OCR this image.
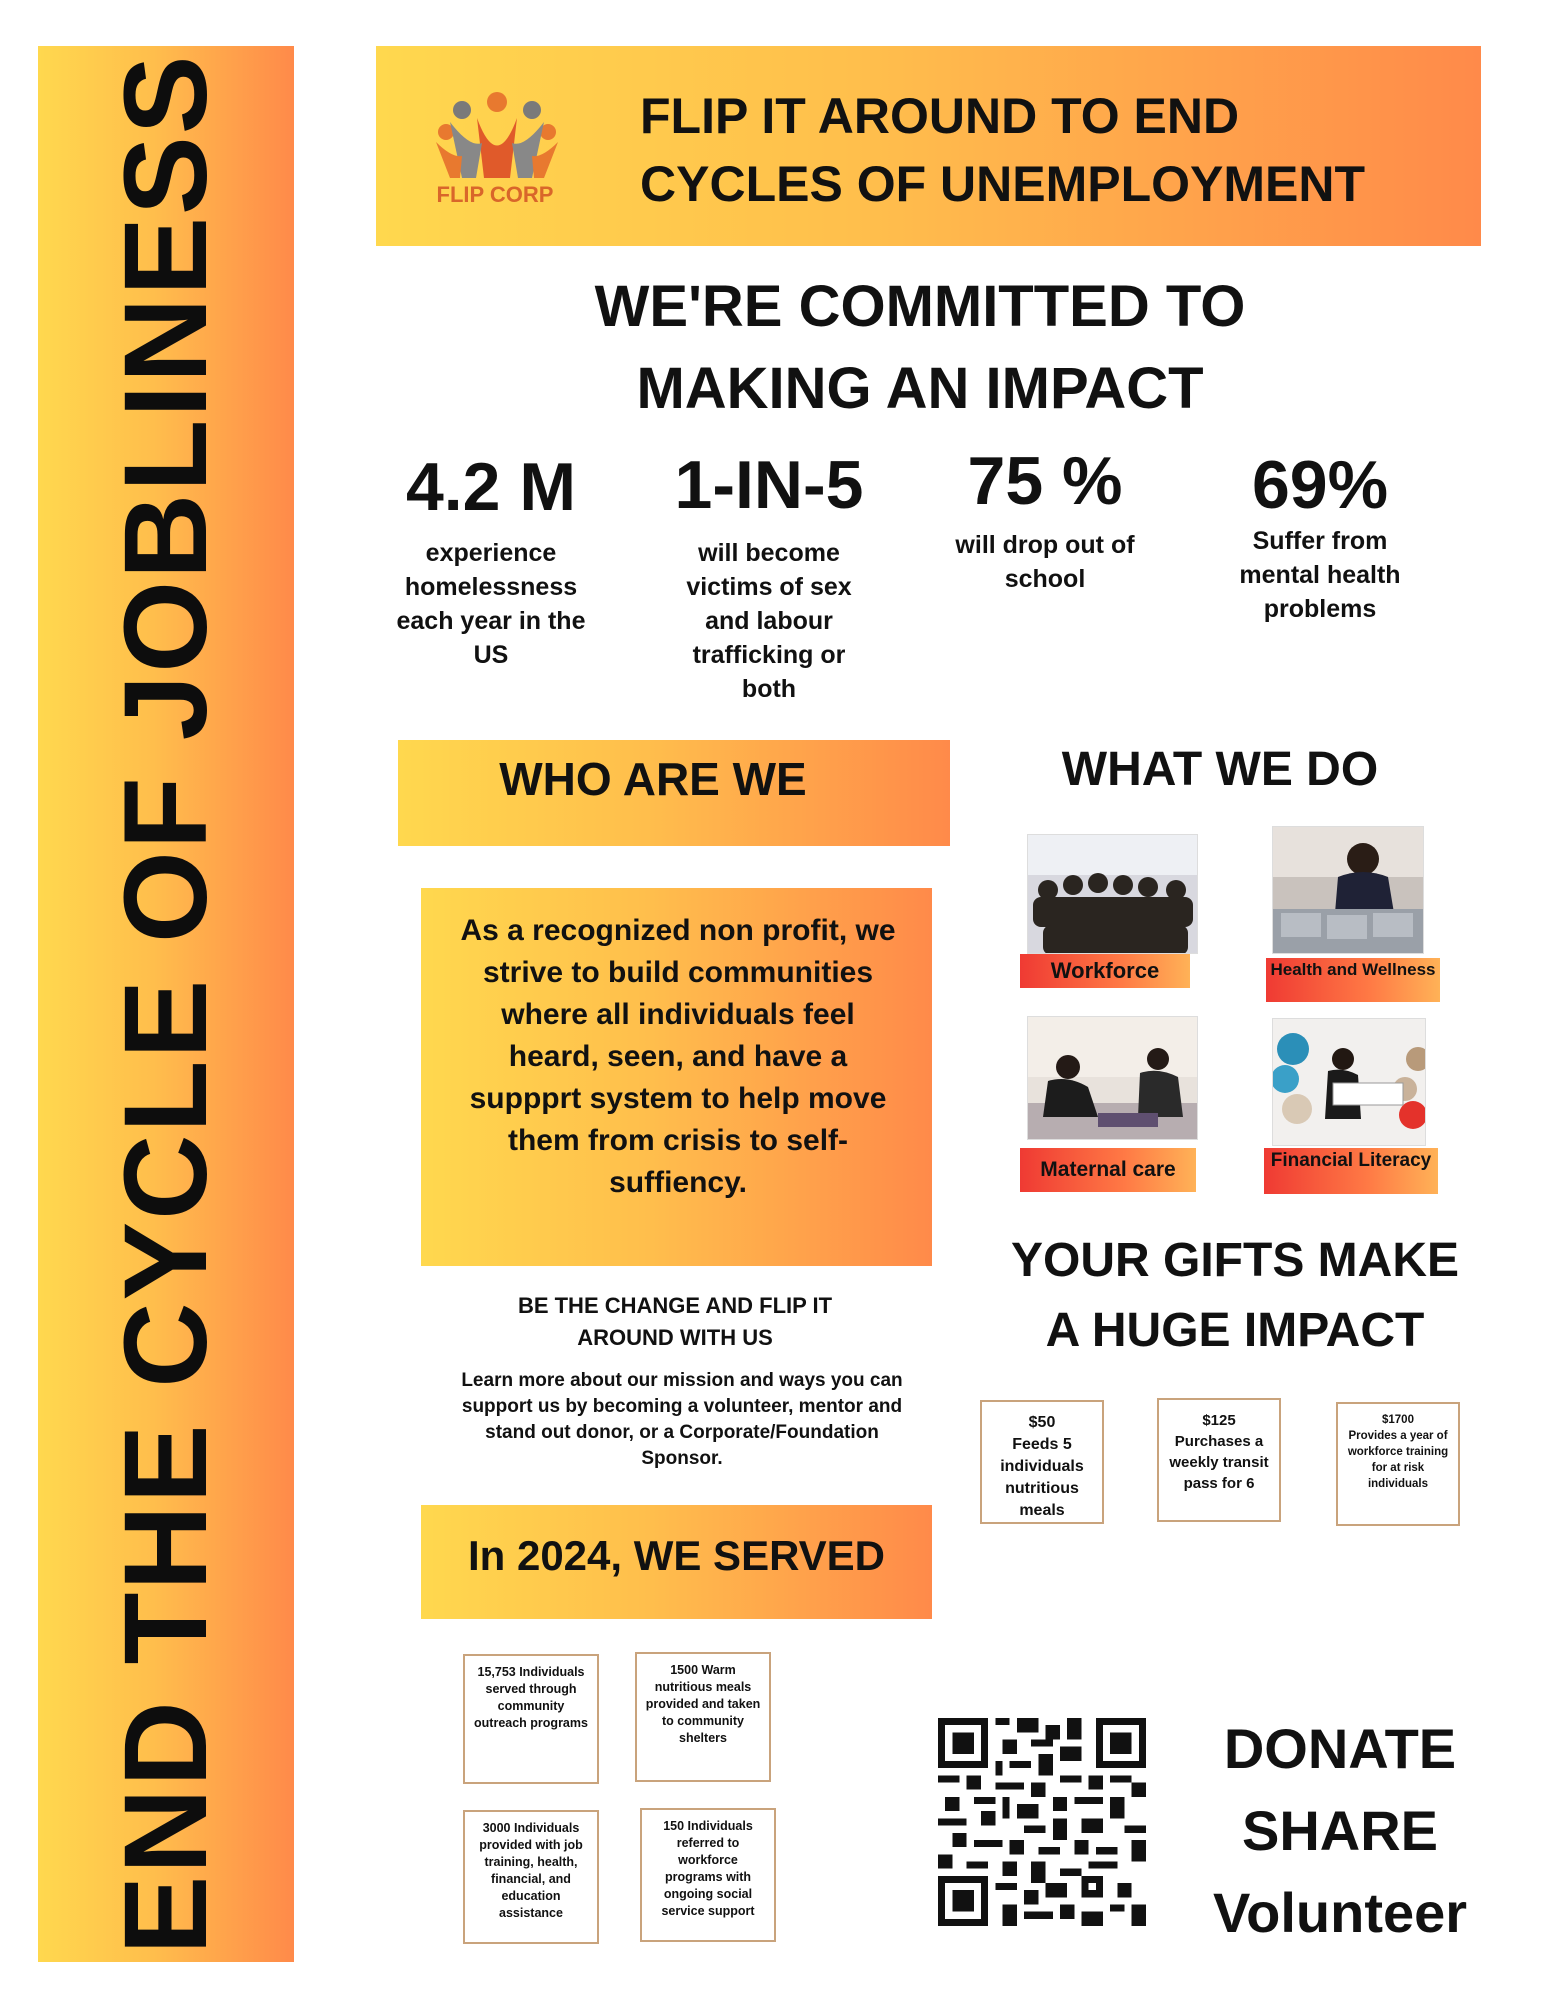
END THE CYCLE OF JOBLINESS	FLIP CORP
FLIP IT AROUND TO END
CYCLES OF UNEMPLOYMENT
WE'RE COMMITTED TO
MAKING AN IMPACT
4.2 M
experience homelessness each year in the US
1-IN-5
will become victims of sex and labour trafficking or both
75 %
will drop out of school
69%
Suffer from mental health problems
WHO ARE WE
As a recognized non profit, we strive to build communities where all individuals feel heard, seen, and have a suppprt system to help move them from crisis to self-suffiency.
BE THE CHANGE AND FLIP IT
AROUND WITH US
Learn more about our mission and ways you can support us by becoming a volunteer, mentor and stand out donor, or a Corporate/Foundation Sponsor.
In 2024, WE SERVED
15,753 Individuals served through community outreach programs
1500 Warm nutritious meals provided and taken to community shelters
3000 Individuals provided with job training, health, financial, and education assistance
150 Individuals referred to workforce programs with ongoing social service support
WHAT WE DO
Workforce	Health and Wellness
Maternal care	Financial Literacy
YOUR GIFTS MAKE
A HUGE IMPACT
$50
Feeds 5 individuals nutritious meals
$125
Purchases a weekly transit pass for 6
$1700
Provides a year of workforce training for at risk individuals
DONATE
SHARE
Volunteer
